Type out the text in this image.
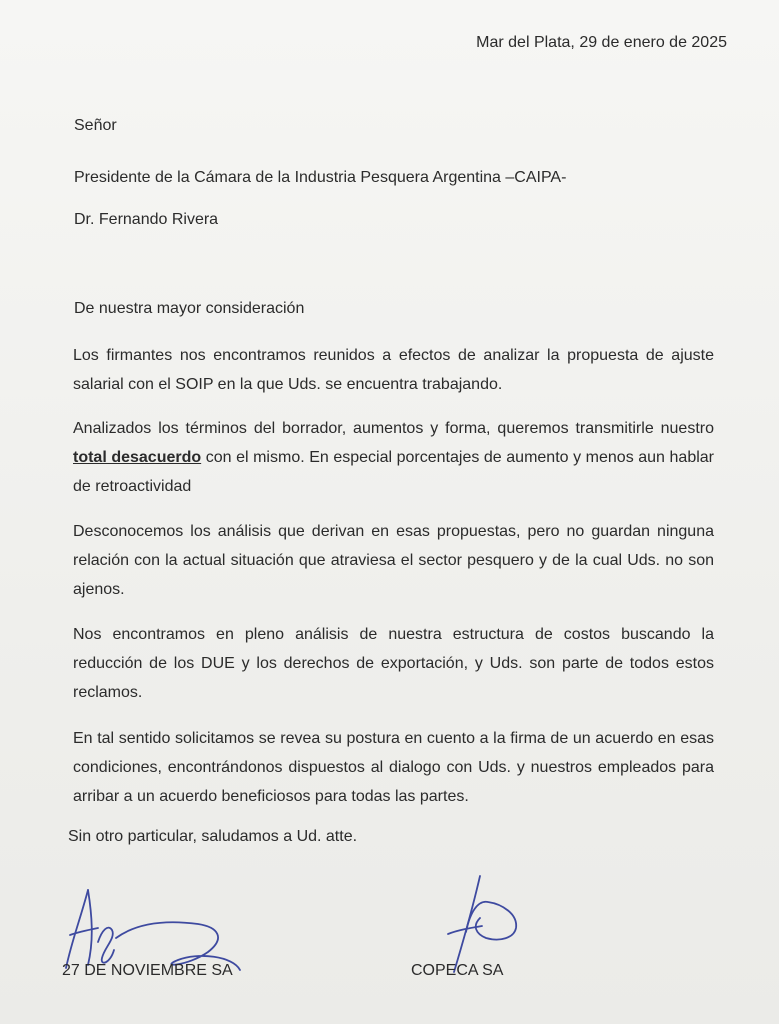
Mar del Plata, 29 de enero de 2025
Señor
Presidente de la Cámara de la Industria Pesquera Argentina –CAIPA-
Dr. Fernando Rivera
De nuestra mayor consideración
Los firmantes nos encontramos reunidos a efectos de analizar la propuesta de ajuste salarial con el SOIP en la que Uds. se encuentra trabajando.
Analizados los términos del borrador, aumentos y forma, queremos transmitirle nuestro total desacuerdo con el mismo. En especial porcentajes de aumento y menos aun hablar de retroactividad
Desconocemos los análisis que derivan en esas propuestas, pero no guardan ninguna relación con la actual situación que atraviesa el sector pesquero y de la cual Uds. no son ajenos.
Nos encontramos en pleno análisis de nuestra estructura de costos buscando la reducción de los DUE y los derechos de exportación, y Uds. son parte de todos estos reclamos.
En tal sentido solicitamos se revea su postura en cuento a la firma de un acuerdo en esas condiciones, encontrándonos dispuestos al dialogo con Uds. y nuestros empleados para arribar a un acuerdo beneficiosos para todas las partes.
Sin otro particular, saludamos a Ud. atte.
27 DE NOVIEMBRE SA	COPECA SA
